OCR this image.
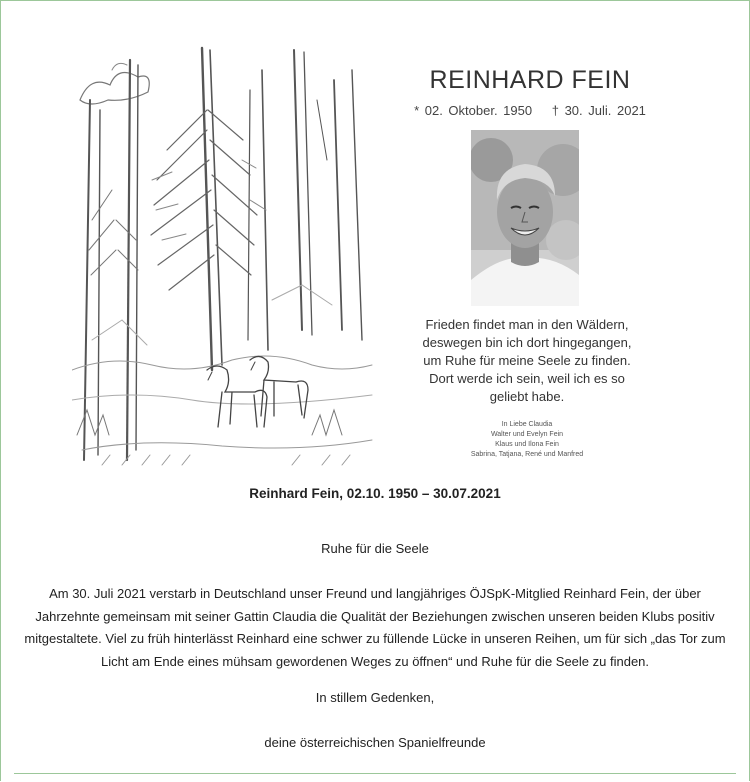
REINHARD FEIN
* 02. Oktober. 1950 † 30. Juli. 2021
Frieden findet man in den Wäldern,
deswegen bin ich dort hingegangen,
um Ruhe für meine Seele zu finden.
Dort werde ich sein, weil ich es so
geliebt habe.
In Liebe Claudia
Walter und Evelyn Fein
Klaus und Ilona Fein
Sabrina, Tatjana, René und Manfred
Reinhard Fein, 02.10. 1950 – 30.07.2021
Ruhe für die Seele
Am 30. Juli 2021 verstarb in Deutschland unser Freund und langjähriges ÖJSpK-Mitglied Reinhard Fein, der über Jahrzehnte gemeinsam mit seiner Gattin Claudia die Qualität der Beziehungen zwischen unseren beiden Klubs positiv mitgestaltete. Viel zu früh hinterlässt Reinhard eine schwer zu füllende Lücke in unseren Reihen, um für sich „das Tor zum Licht am Ende eines mühsam gewordenen Weges zu öffnen“ und Ruhe für die Seele zu finden.
In stillem Gedenken,
deine österreichischen Spanielfreunde
